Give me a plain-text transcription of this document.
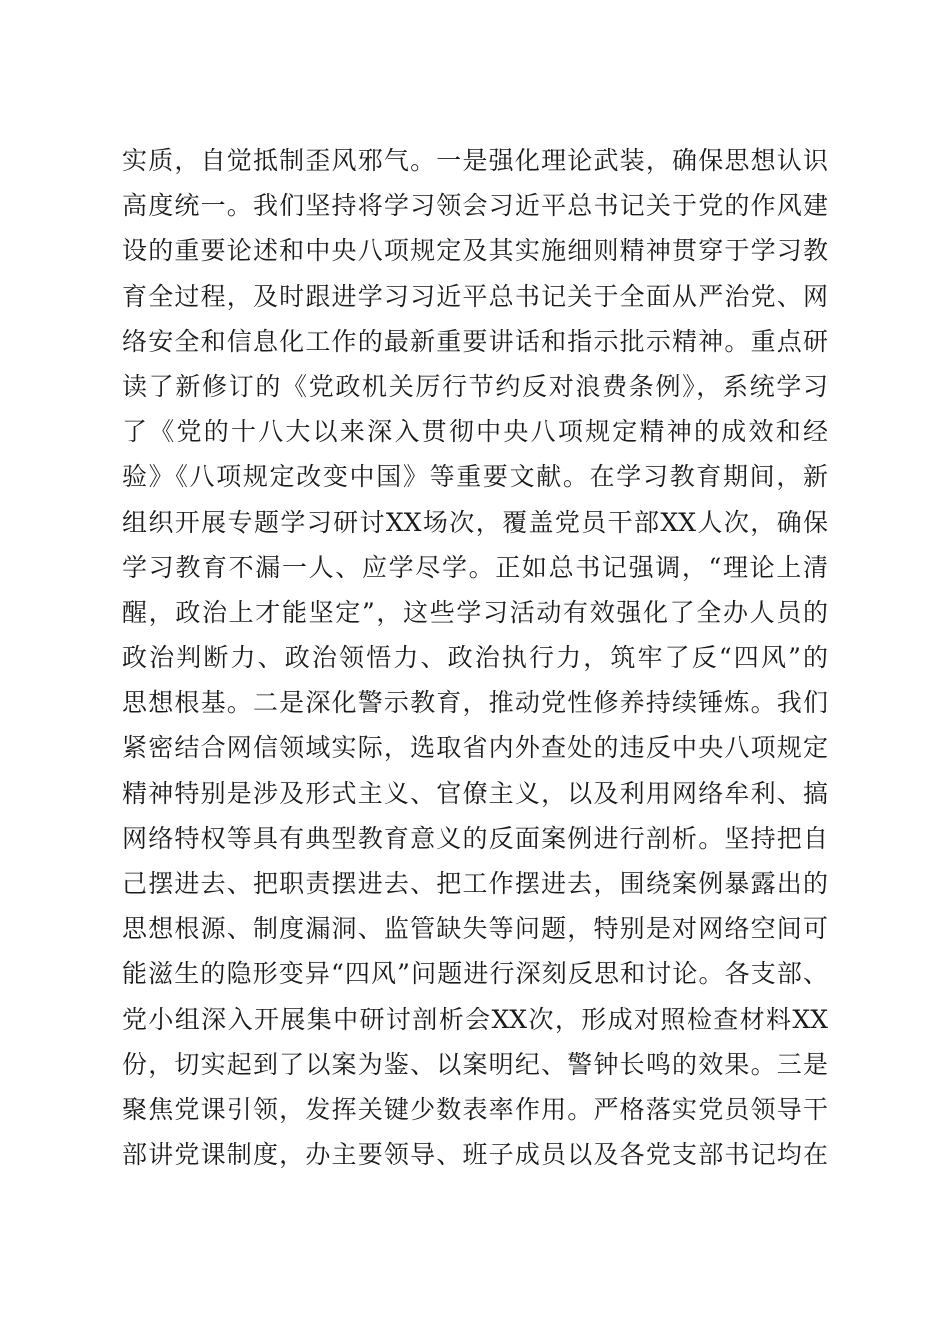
实质，自觉抵制歪风邪气。一是强化理论武装，确保思想认识
高度统一。我们坚持将学习领会习近平总书记关于党的作风建
设的重要论述和中央八项规定及其实施细则精神贯穿于学习教
育全过程，及时跟进学习习近平总书记关于全面从严治党、网
络安全和信息化工作的最新重要讲话和指示批示精神。重点研
读了新修订的《党政机关厉行节约反对浪费条例》，系统学习
了《党的十八大以来深入贯彻中央八项规定精神的成效和经
验》《八项规定改变中国》等重要文献。在学习教育期间，新
组织开展专题学习研讨XX场次，覆盖党员干部XX人次，确保
学习教育不漏一人、应学尽学。正如总书记强调，“理论上清
醒，政治上才能坚定”，这些学习活动有效强化了全办人员的
政治判断力、政治领悟力、政治执行力，筑牢了反“四风”的
思想根基。二是深化警示教育，推动党性修养持续锤炼。我们
紧密结合网信领域实际，选取省内外查处的违反中央八项规定
精神特别是涉及形式主义、官僚主义，以及利用网络牟利、搞
网络特权等具有典型教育意义的反面案例进行剖析。坚持把自
己摆进去、把职责摆进去、把工作摆进去，围绕案例暴露出的
思想根源、制度漏洞、监管缺失等问题，特别是对网络空间可
能滋生的隐形变异“四风”问题进行深刻反思和讨论。各支部、
党小组深入开展集中研讨剖析会XX次，形成对照检查材料XX
份，切实起到了以案为鉴、以案明纪、警钟长鸣的效果。三是
聚焦党课引领，发挥关键少数表率作用。严格落实党员领导干
部讲党课制度，办主要领导、班子成员以及各党支部书记均在
